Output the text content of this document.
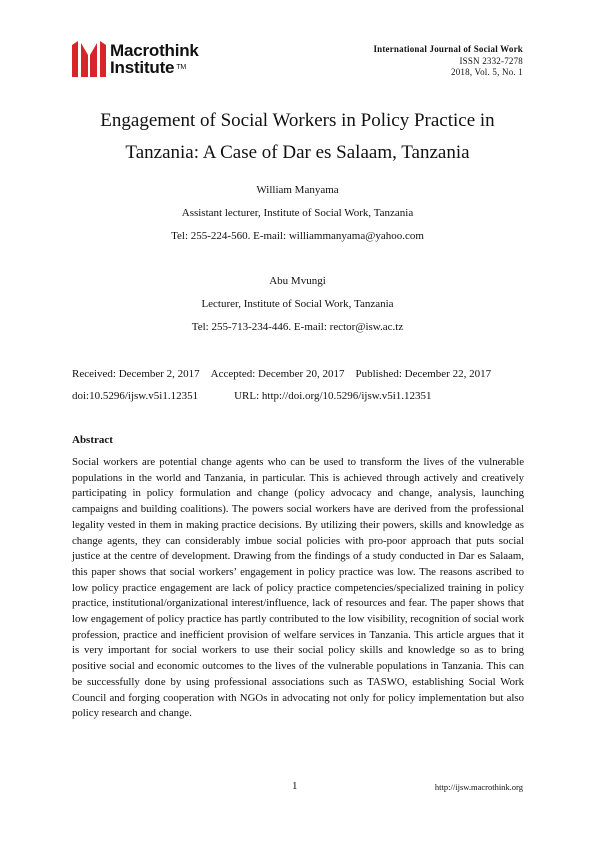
Macrothink
Institute ™
International Journal of Social Work
ISSN 2332-7278
2018, Vol. 5, No. 1
Engagement of Social Workers in Policy Practice in
Tanzania: A Case of Dar es Salaam, Tanzania
William Manyama
Assistant lecturer, Institute of Social Work, Tanzania
Tel: 255-224-560. E-mail: williammanyama@yahoo.com
Abu Mvungi
Lecturer, Institute of Social Work, Tanzania
Tel: 255-713-234-446. E-mail: rector@isw.ac.tz
Received: December 2, 2017 Accepted: December 20, 2017 Published: December 22, 2017
doi:10.5296/ijsw.v5i1.12351	URL: http://doi.org/10.5296/ijsw.v5i1.12351
Abstract
Social workers are potential change agents who can be used to transform the lives of the vulnerable populations in the world and Tanzania, in particular. This is achieved through actively and creatively participating in policy formulation and change (policy advocacy and change, analysis, launching campaigns and building coalitions). The powers social workers have are derived from the professional legality vested in them in making practice decisions. By utilizing their powers, skills and knowledge as change agents, they can considerably imbue social policies with pro-poor approach that puts social justice at the centre of development. Drawing from the findings of a study conducted in Dar es Salaam, this paper shows that social workers’ engagement in policy practice was low. The reasons ascribed to low policy practice engagement are lack of policy practice competencies/specialized training in policy practice, institutional/organizational interest/influence, lack of resources and fear. The paper shows that low engagement of policy practice has partly contributed to the low visibility, recognition of social work profession, practice and inefficient provision of welfare services in Tanzania. This article argues that it is very important for social workers to use their social policy skills and knowledge so as to bring positive social and economic outcomes to the lives of the vulnerable populations in Tanzania. This can be successfully done by using professional associations such as TASWO, establishing Social Work Council and forging cooperation with NGOs in advocating not only for policy implementation but also policy research and change.
1	http://ijsw.macrothink.org
